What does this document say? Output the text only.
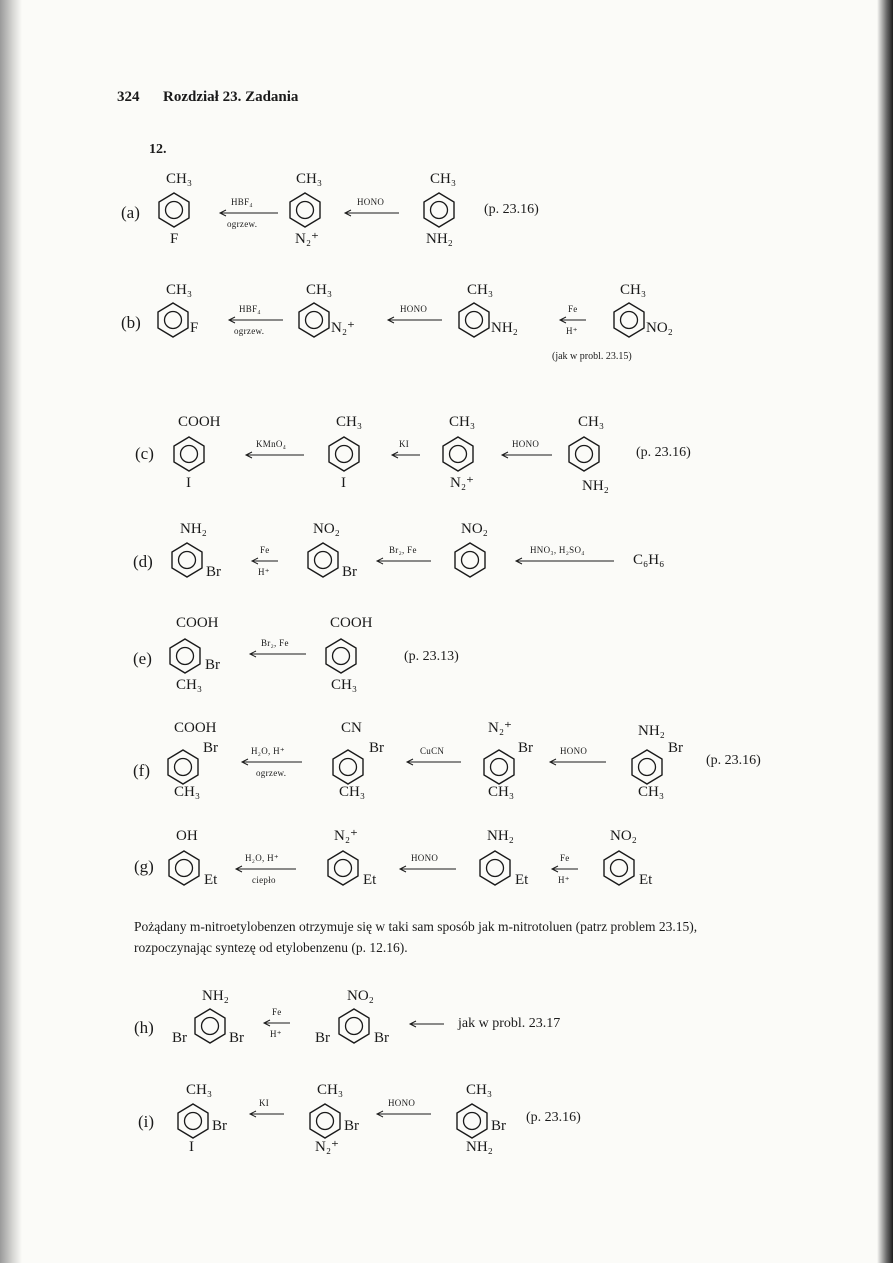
324 Rozdział 23. Zadania
12.
(a)
CH₃
F
HBF₄
ogrzew.
CH₃
N₂⁺
HONO
CH₃
NH₂
(p. 23.16)
(b)
CH₃
F
HBF₄
ogrzew.
CH₃
N₂⁺
HONO
CH₃
NH₂
Fe
H⁺
CH₃
NO₂
(jak w probl. 23.15)
(c)
COOH
I
KMnO₄
CH₃
I
KI
CH₃
N₂⁺
HONO
CH₃
NH₂
(p. 23.16)
(d)
NH₂
Br
Fe
H⁺
NO₂
Br
Br₂, Fe
NO₂
HNO₃, H₂SO₄
C₆H₆
(e)
COOH
Br
CH₃
Br₂, Fe
COOH
CH₃
(p. 23.13)
(f)
COOH
Br
CH₃
H₂O, H⁺
ogrzew.
CN
Br
CH₃
CuCN
N₂⁺
Br
CH₃
HONO
NH₂
Br
CH₃
(p. 23.16)
(g)
OH
Et
H₂O, H⁺
ciepło
N₂⁺
Et
HONO
NH₂
Et
Fe
H⁺
NO₂
Et
Pożądany m-nitroetylobenzen otrzymuje się w taki sam sposób jak m-nitrotoluen (patrz problem 23.15),
rozpoczynając syntezę od etylobenzenu (p. 12.16).
(h)
NH₂
Br	Br
Fe
H⁺
NO₂
Br	Br
jak w probl. 23.17
(i)
CH₃
Br
I
KI
CH₃
Br
N₂⁺
HONO
CH₃
Br
NH₂
(p. 23.16)
